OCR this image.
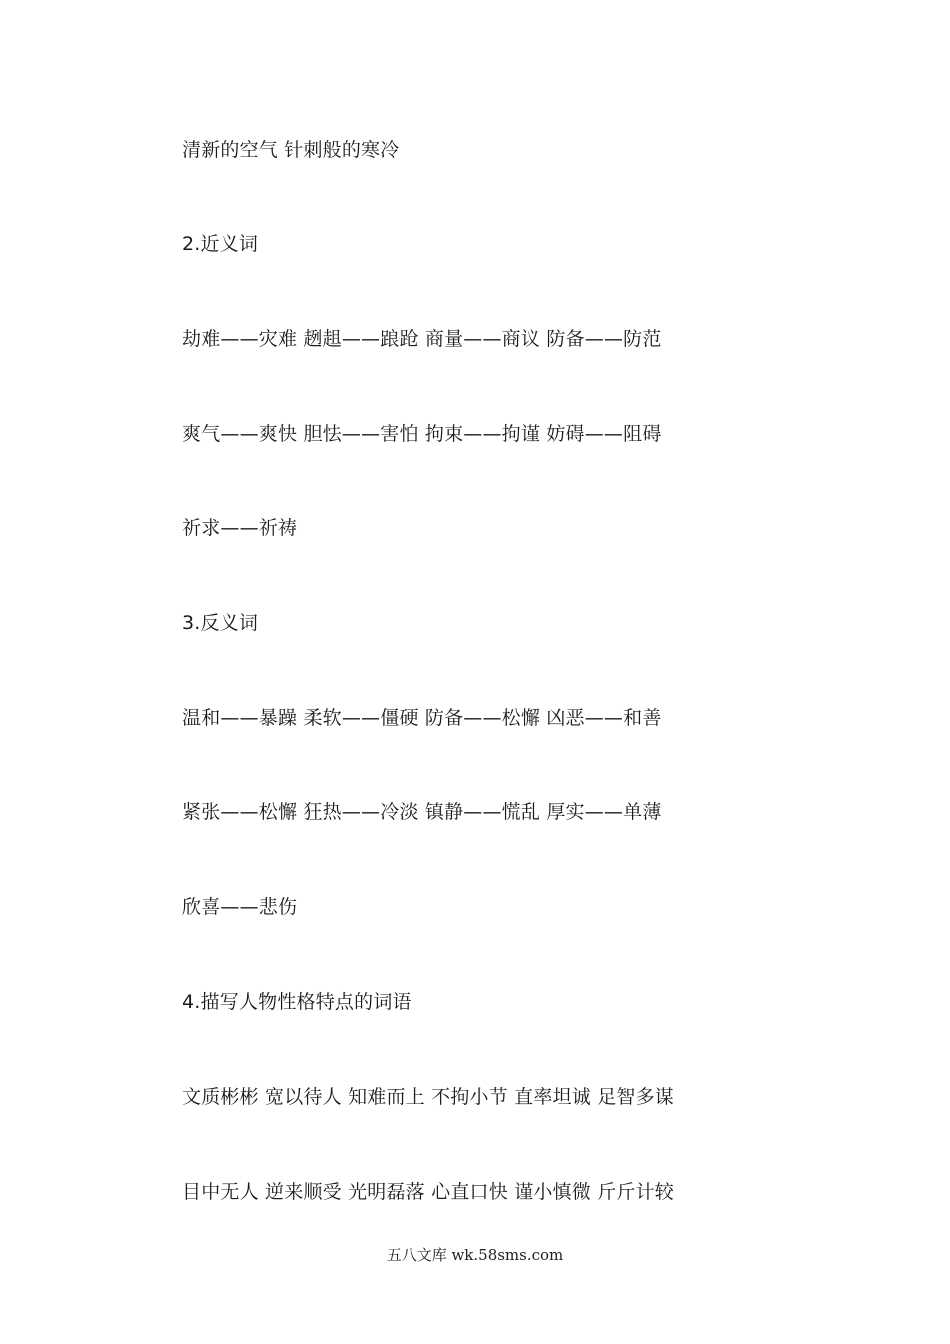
清新的空气 针刺般的寒冷
2.近义词
劫难——灾难 趔趄——踉跄 商量——商议 防备——防范
爽气——爽快 胆怯——害怕 拘束——拘谨 妨碍——阻碍
祈求——祈祷
3.反义词
温和——暴躁 柔软——僵硬 防备——松懈 凶恶——和善
紧张——松懈 狂热——冷淡 镇静——慌乱 厚实——单薄
欣喜——悲伤
4.描写人物性格特点的词语
文质彬彬 宽以待人 知难而上 不拘小节 直率坦诚 足智多谋
目中无人 逆来顺受 光明磊落 心直口快 谨小慎微 斤斤计较
五八文库 wk.58sms.com
